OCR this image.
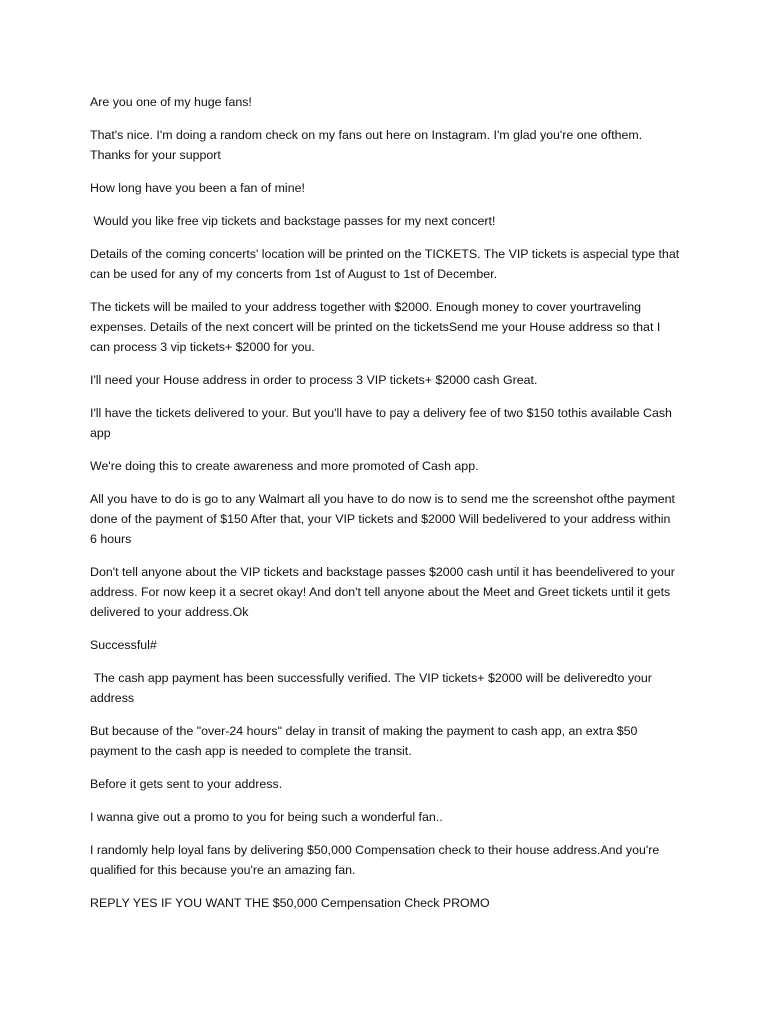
Are you one of my huge fans!

That's nice. I'm doing a random check on my fans out here on Instagram. I'm glad you're one ofthem. Thanks for your support

How long have you been a fan of mine!

Would you like free vip tickets and backstage passes for my next concert!

Details of the coming concerts' location will be printed on the TICKETS. The VIP tickets is aspecial type that can be used for any of my concerts from 1st of August to 1st of December.

The tickets will be mailed to your address together with $2000. Enough money to cover yourtraveling expenses. Details of the next concert will be printed on the ticketsSend me your House address so that I can process 3 vip tickets+ $2000 for you.

I'll need your House address in order to process 3 VIP tickets+ $2000 cash Great.

I'll have the tickets delivered to your. But you'll have to pay a delivery fee of two $150 tothis available Cash app

We're doing this to create awareness and more promoted of Cash app.

All you have to do is go to any Walmart all you have to do now is to send me the screenshot ofthe payment done of the payment of $150 After that, your VIP tickets and $2000 Will bedelivered to your address within 6 hours

Don't tell anyone about the VIP tickets and backstage passes $2000 cash until it has beendelivered to your address. For now keep it a secret okay! And don't tell anyone about the Meet and Greet tickets until it gets delivered to your address.Ok

Successful#

The cash app payment has been successfully verified. The VIP tickets+ $2000 will be deliveredto your address

But because of the "over-24 hours" delay in transit of making the payment to cash app, an extra $50 payment to the cash app is needed to complete the transit.

Before it gets sent to your address.

I wanna give out a promo to you for being such a wonderful fan..

I randomly help loyal fans by delivering $50,000 Compensation check to their house address.And you're qualified for this because you're an amazing fan.

REPLY YES IF YOU WANT THE $50,000 Cempensation Check PROMO
